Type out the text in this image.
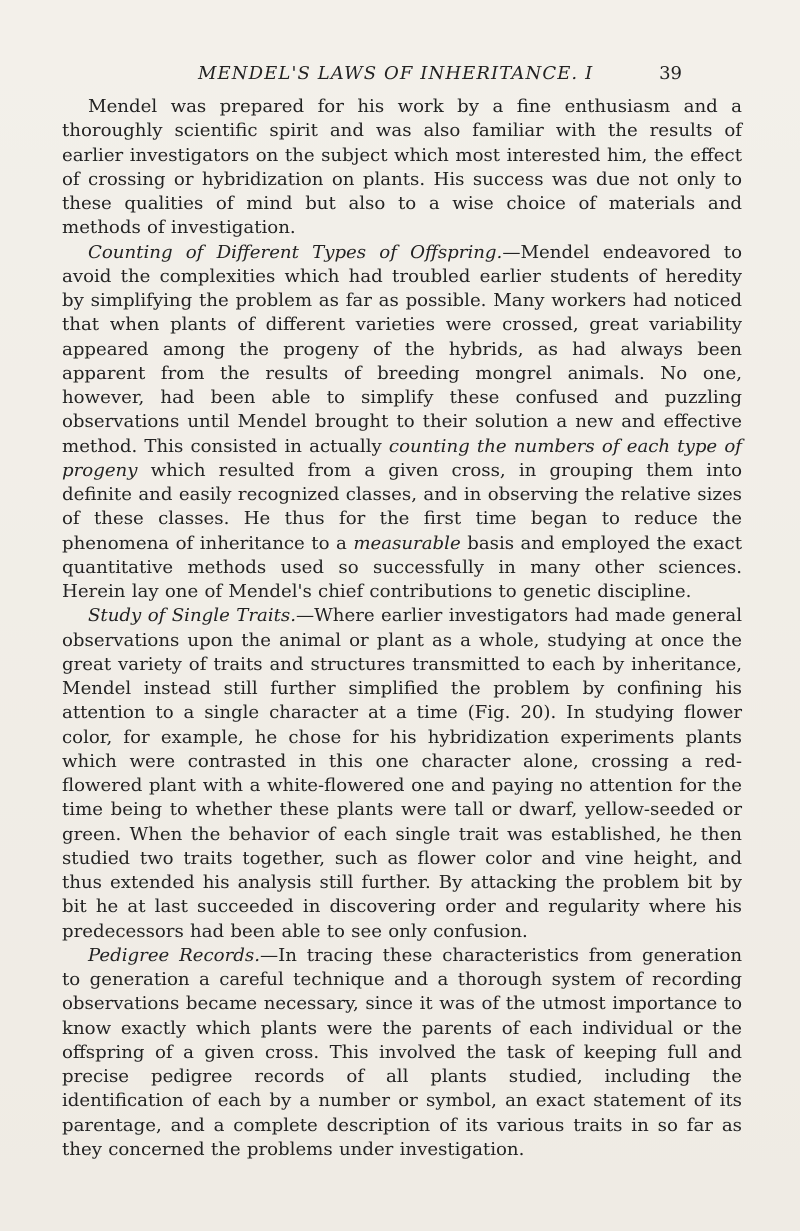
MENDEL'S LAWS OF INHERITANCE. I	39

Mendel was prepared for his work by a fine enthusiasm and a thoroughly scientific spirit and was also familiar with the results of earlier investigators on the subject which most interested him, the effect of crossing or hybridization on plants. His success was due not only to these qualities of mind but also to a wise choice of materials and methods of investigation.

Counting of Different Types of Offspring.—Mendel endeavored to avoid the complexities which had troubled earlier students of heredity by simplifying the problem as far as possible. Many workers had noticed that when plants of different varieties were crossed, great variability appeared among the progeny of the hybrids, as had always been apparent from the results of breeding mongrel animals. No one, however, had been able to simplify these confused and puzzling observations until Mendel brought to their solution a new and effective method. This consisted in actually counting the numbers of each type of progeny which resulted from a given cross, in grouping them into definite and easily recognized classes, and in observing the relative sizes of these classes. He thus for the first time began to reduce the phenomena of inheritance to a measurable basis and employed the exact quantitative methods used so successfully in many other sciences. Herein lay one of Mendel's chief contributions to genetic discipline.

Study of Single Traits.—Where earlier investigators had made general observations upon the animal or plant as a whole, studying at once the great variety of traits and structures transmitted to each by inheritance, Mendel instead still further simplified the problem by confining his attention to a single character at a time (Fig. 20). In studying flower color, for example, he chose for his hybridization experiments plants which were contrasted in this one character alone, crossing a red-flowered plant with a white-flowered one and paying no attention for the time being to whether these plants were tall or dwarf, yellow-seeded or green. When the behavior of each single trait was established, he then studied two traits together, such as flower color and vine height, and thus extended his analysis still further. By attacking the problem bit by bit he at last succeeded in discovering order and regularity where his predecessors had been able to see only confusion.

Pedigree Records.—In tracing these characteristics from generation to generation a careful technique and a thorough system of recording observations became necessary, since it was of the utmost importance to know exactly which plants were the parents of each individual or the offspring of a given cross. This involved the task of keeping full and precise pedigree records of all plants studied, including the identification of each by a number or symbol, an exact statement of its parentage, and a complete description of its various traits in so far as they concerned the problems under investigation.
